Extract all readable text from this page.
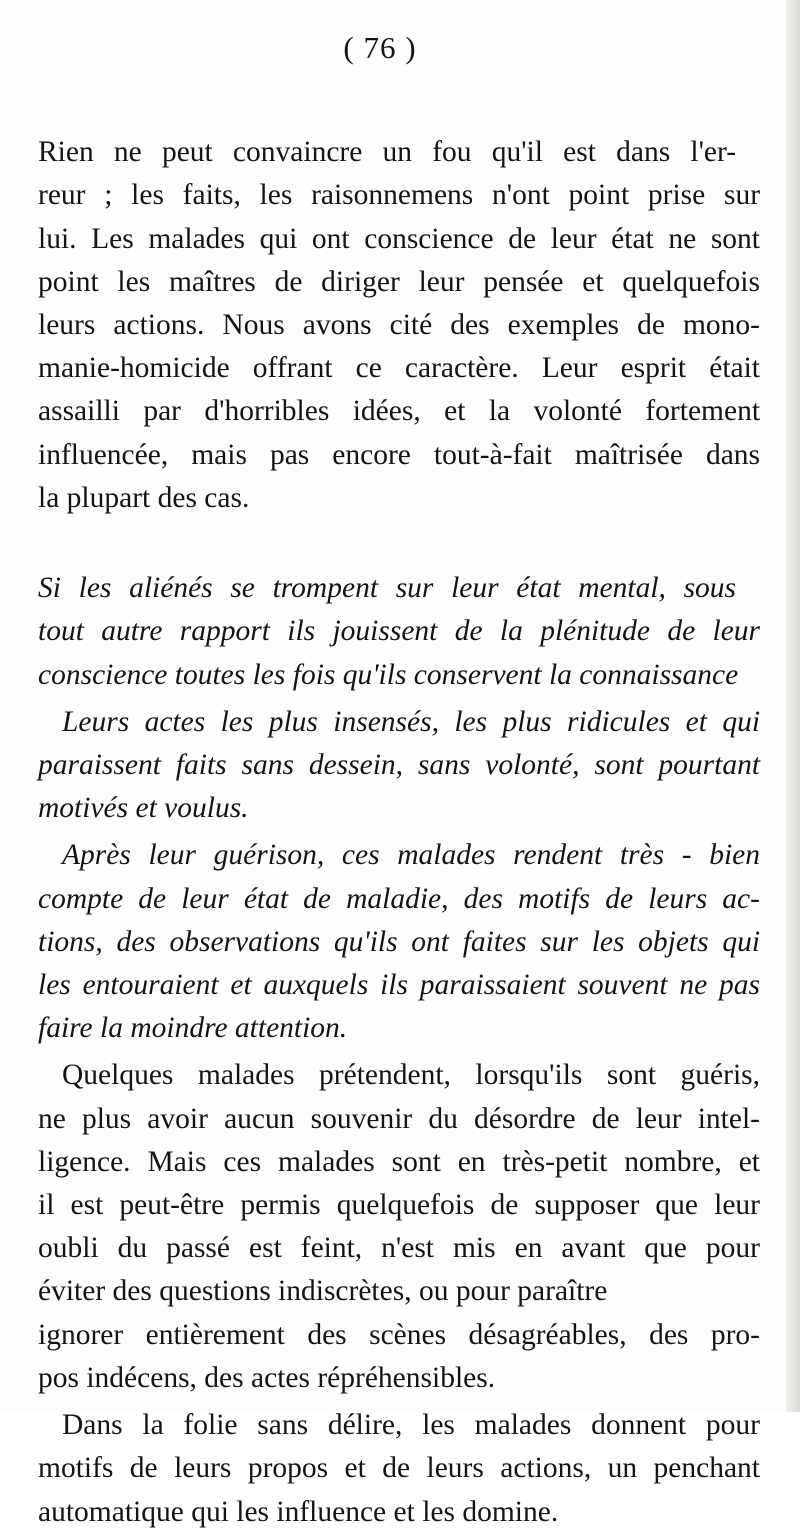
( 76 )

Rien ne peut convaincre un fou qu'il est dans l'er-
reur ; les faits, les raisonnemens n'ont point prise sur
lui. Les malades qui ont conscience de leur état ne sont
point les maîtres de diriger leur pensée et quelquefois
leurs actions. Nous avons cité des exemples de mono-
manie-homicide offrant ce caractère. Leur esprit était
assailli par d'horribles idées, et la volonté fortement
influencée, mais pas encore tout-à-fait maîtrisée dans
la plupart des cas.

Si les aliénés se trompent sur leur état mental, sous
tout autre rapport ils jouissent de la plénitude de leur
conscience toutes les fois qu'ils conservent la connaissance

Leurs actes les plus insensés, les plus ridicules et qui
paraissent faits sans dessein, sans volonté, sont pourtant
motivés et voulus.

Après leur guérison, ces malades rendent très - bien
compte de leur état de maladie, des motifs de leurs ac-
tions, des observations qu'ils ont faites sur les objets qui
les entouraient et auxquels ils paraissaient souvent ne pas
faire la moindre attention.

Quelques malades prétendent, lorsqu'ils sont guéris,
ne plus avoir aucun souvenir du désordre de leur intel-
ligence. Mais ces malades sont en très-petit nombre, et
il est peut-être permis quelquefois de supposer que leur
oubli du passé est feint, n'est mis en avant que pour
éviter des questions indiscrètes, ou pour paraître
ignorer entièrement des scènes désagréables, des pro-
pos indécens, des actes répréhensibles.

Dans la folie sans délire, les malades donnent pour
motifs de leurs propos et de leurs actions, un penchant
automatique qui les influence et les domine.
